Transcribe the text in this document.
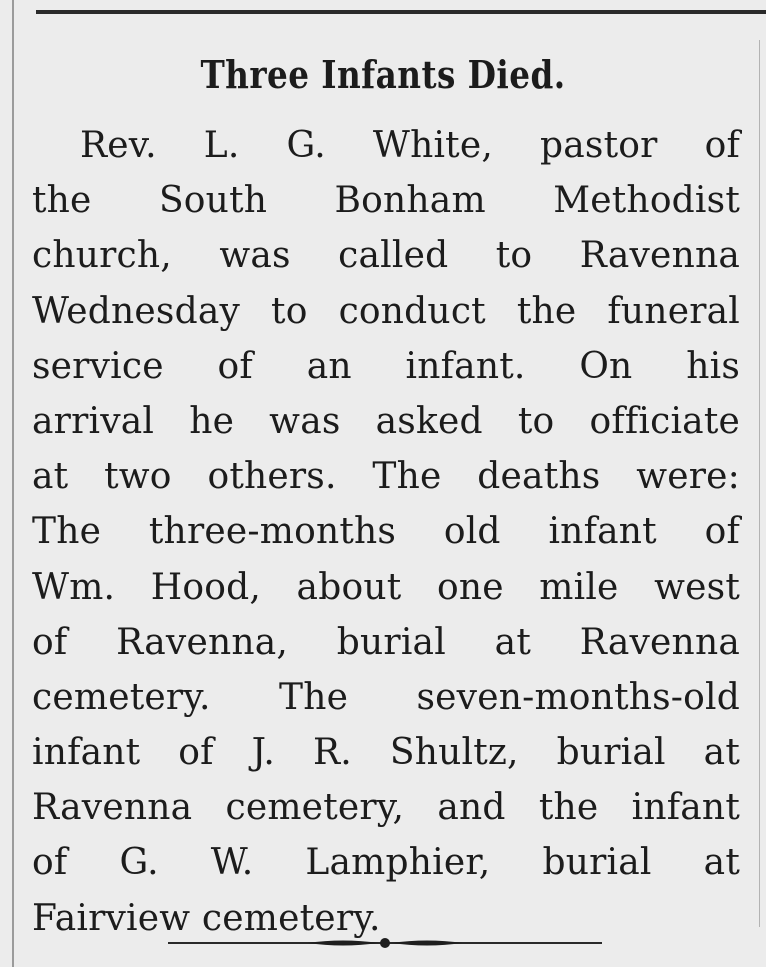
Three Infants Died.
Rev. L. G. White, pastor of
the South Bonham Methodist
church, was called to Ravenna
Wednesday to conduct the funeral
service of an infant. On his
arrival he was asked to officiate
at two others. The deaths were:
The three-months old infant of
Wm. Hood, about one mile west
of Ravenna, burial at Ravenna
cemetery. The seven-months-old
infant of J. R. Shultz, burial at
Ravenna cemetery, and the infant
of G. W. Lamphier, burial at
Fairview cemetery.
